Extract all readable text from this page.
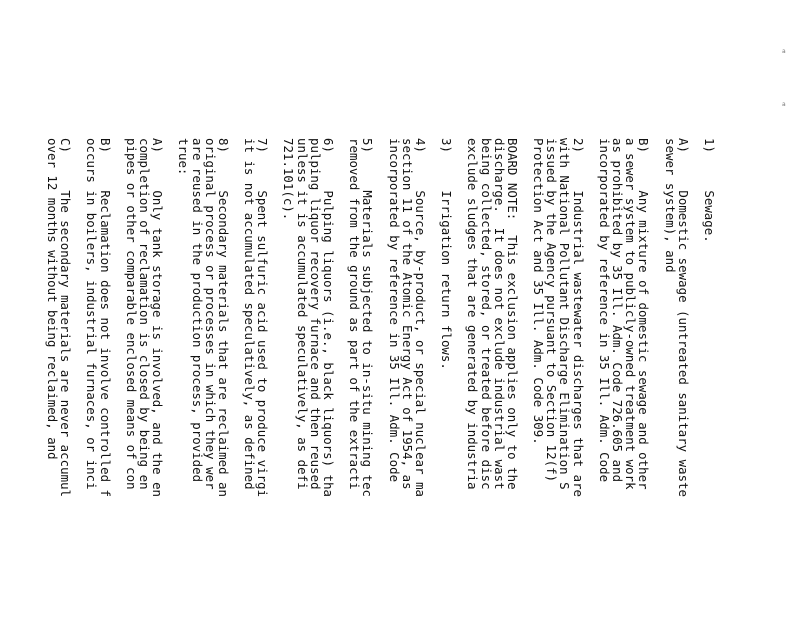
a
a
1)     Sewage.
A)     Domestic sewage (untreated sanitary waste
sewer system), and
B)     Any mixture of domestic sewage and other
a sewer system to publicly-owned treatment work
as prohibited by 35 Ill. Adm. Code 726.605 and
incorporated by reference in 35 Ill. Adm. Code
2)     Industrial wastewater discharges that are
with National Pollutant Discharge Elimination S
issued by the Agency pursuant to Section 12(f)
Protection Act and 35 Ill. Adm. Code 309.
BOARD NOTE:  This exclusion applies only to the
discharge.  It does not exclude industrial wast
being collected, stored, or treated before disc
exclude sludges that are generated by industria
3)     Irrigation return flows.
4)     Source, by-product, or special nuclear ma
section 11 of the Atomic Energy Act of 1954, as
incorporated by reference in 35 Ill. Adm. Code
5)     Materials subjected to in-situ mining tec
removed from the ground as part of the extracti
6)     Pulping liquors (i.e., black liquors) tha
pulping liquor recovery furnace and then reused
unless it is accumulated speculatively, as defi
721.101(c).
7)     Spent sulfuric acid used to produce virgi
it is not accumulated speculatively, as defined
8)     Secondary materials that are reclaimed an
original process or processes in which they wer
are reused in the production process, provided
true:
A)     Only tank storage is involved, and the en
completion of reclamation is closed by being en
pipes or other comparable enclosed means of con
B)     Reclamation does not involve controlled f
occurs in boilers, industrial furnaces, or inci
C)     The secondary materials are never accumul
over 12 months without being reclaimed, and
